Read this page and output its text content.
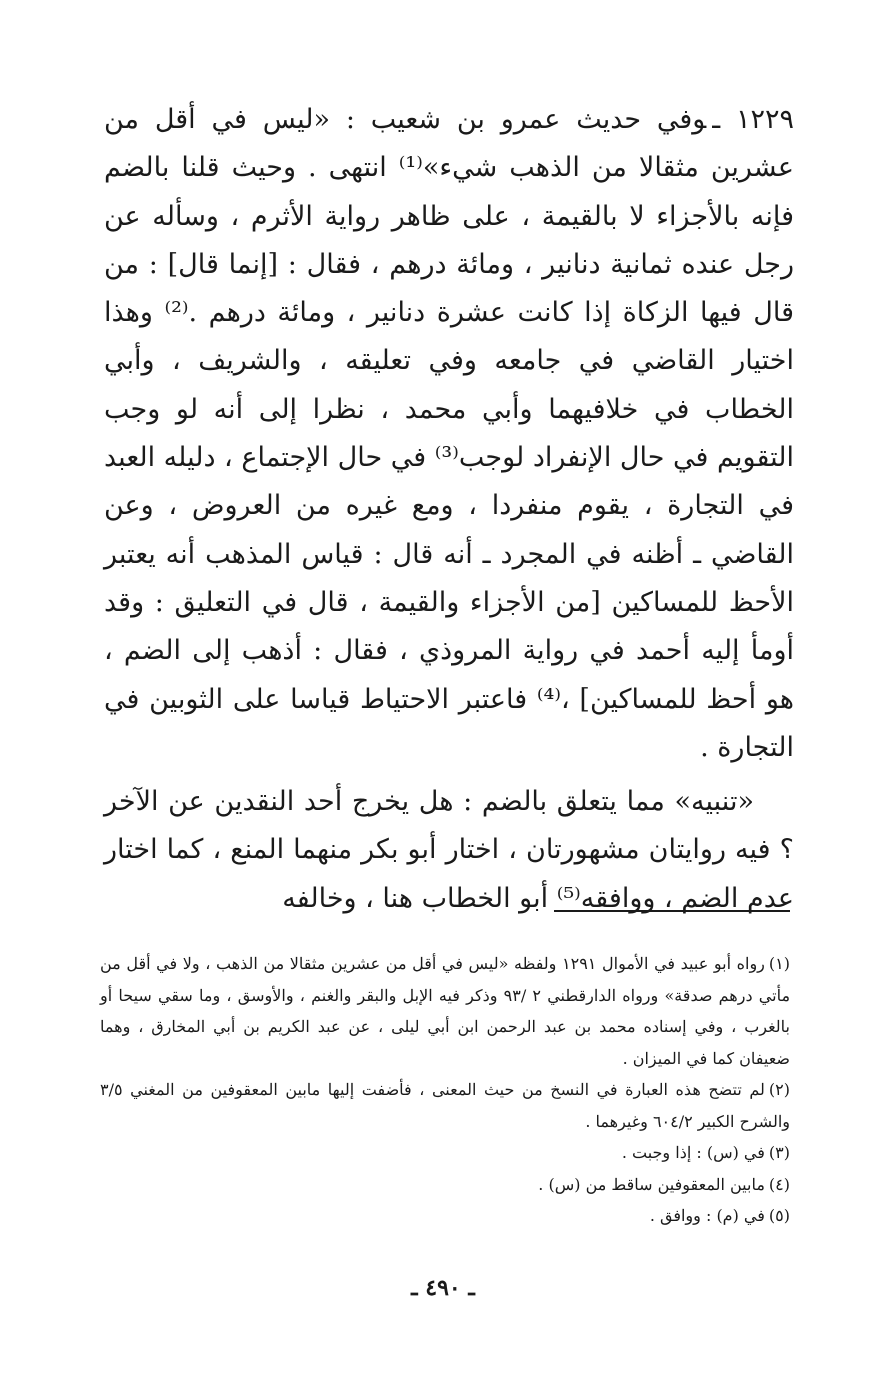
١٢٢٩ ـوفي حديث عمرو بن شعيب : «ليس في أقل من عشرين مثقالا من الذهب شيء»⁽¹⁾ انتهى . وحيث قلنا بالضم فإنه بالأجزاء لا بالقيمة ، على ظاهر رواية الأثرم ، وسأله عن رجل عنده ثمانية دنانير ، ومائة درهم ، فقال : [إنما قال] : من قال فيها الزكاة إذا كانت عشرة دنانير ، ومائة درهم .⁽²⁾ وهذا اختيار القاضي في جامعه وفي تعليقه ، والشريف ، وأبي الخطاب في خلافيهما وأبي محمد ، نظرا إلى أنه لو وجب التقويم في حال الإنفراد لوجب⁽³⁾ في حال الإجتماع ، دليله العبد في التجارة ، يقوم منفردا ، ومع غيره من العروض ، وعن القاضي ـ أظنه في المجرد ـ أنه قال : قياس المذهب أنه يعتبر الأحظ للمساكين [من الأجزاء والقيمة ، قال في التعليق : وقد أومأ إليه أحمد في رواية المروذي ، فقال : أذهب إلى الضم ، هو أحظ للمساكين] ،⁽⁴⁾ فاعتبر الاحتياط قياسا على الثوبين في التجارة .

«تنبيه» مما يتعلق بالضم : هل يخرج أحد النقدين عن الآخر ؟ فيه روايتان مشهورتان ، اختار أبو بكر منهما المنع ، كما اختار عدم الضم ، ووافقه⁽⁵⁾ أبو الخطاب هنا ، وخالفه

(١)رواه أبو عبيد في الأموال ١٢٩١ ولفظه «ليس في أقل من عشرين مثقالا من الذهب ، ولا في أقل من مأتي درهم صدقة» ورواه الدارقطني ٢ /٩٣ وذكر فيه الإبل والبقر والغنم ، والأوسق ، وما سقي سيحا أو بالغرب ، وفي إسناده محمد بن عبد الرحمن ابن أبي ليلى ، عن عبد الكريم بن أبي المخارق ، وهما ضعيفان كما في الميزان .

(٢)لم تتضح هذه العبارة في النسخ من حيث المعنى ، فأضفت إليها مابين المعقوفين من المغني ٣/٥ والشرح الكبير ٦٠٤/٢ وغيرهما .

(٣)في (س) : إذا وجبت .

(٤)مابين المعقوفين ساقط من (س) .

(٥)في (م) : ووافق .

ـ ٤٩٠ ـ
